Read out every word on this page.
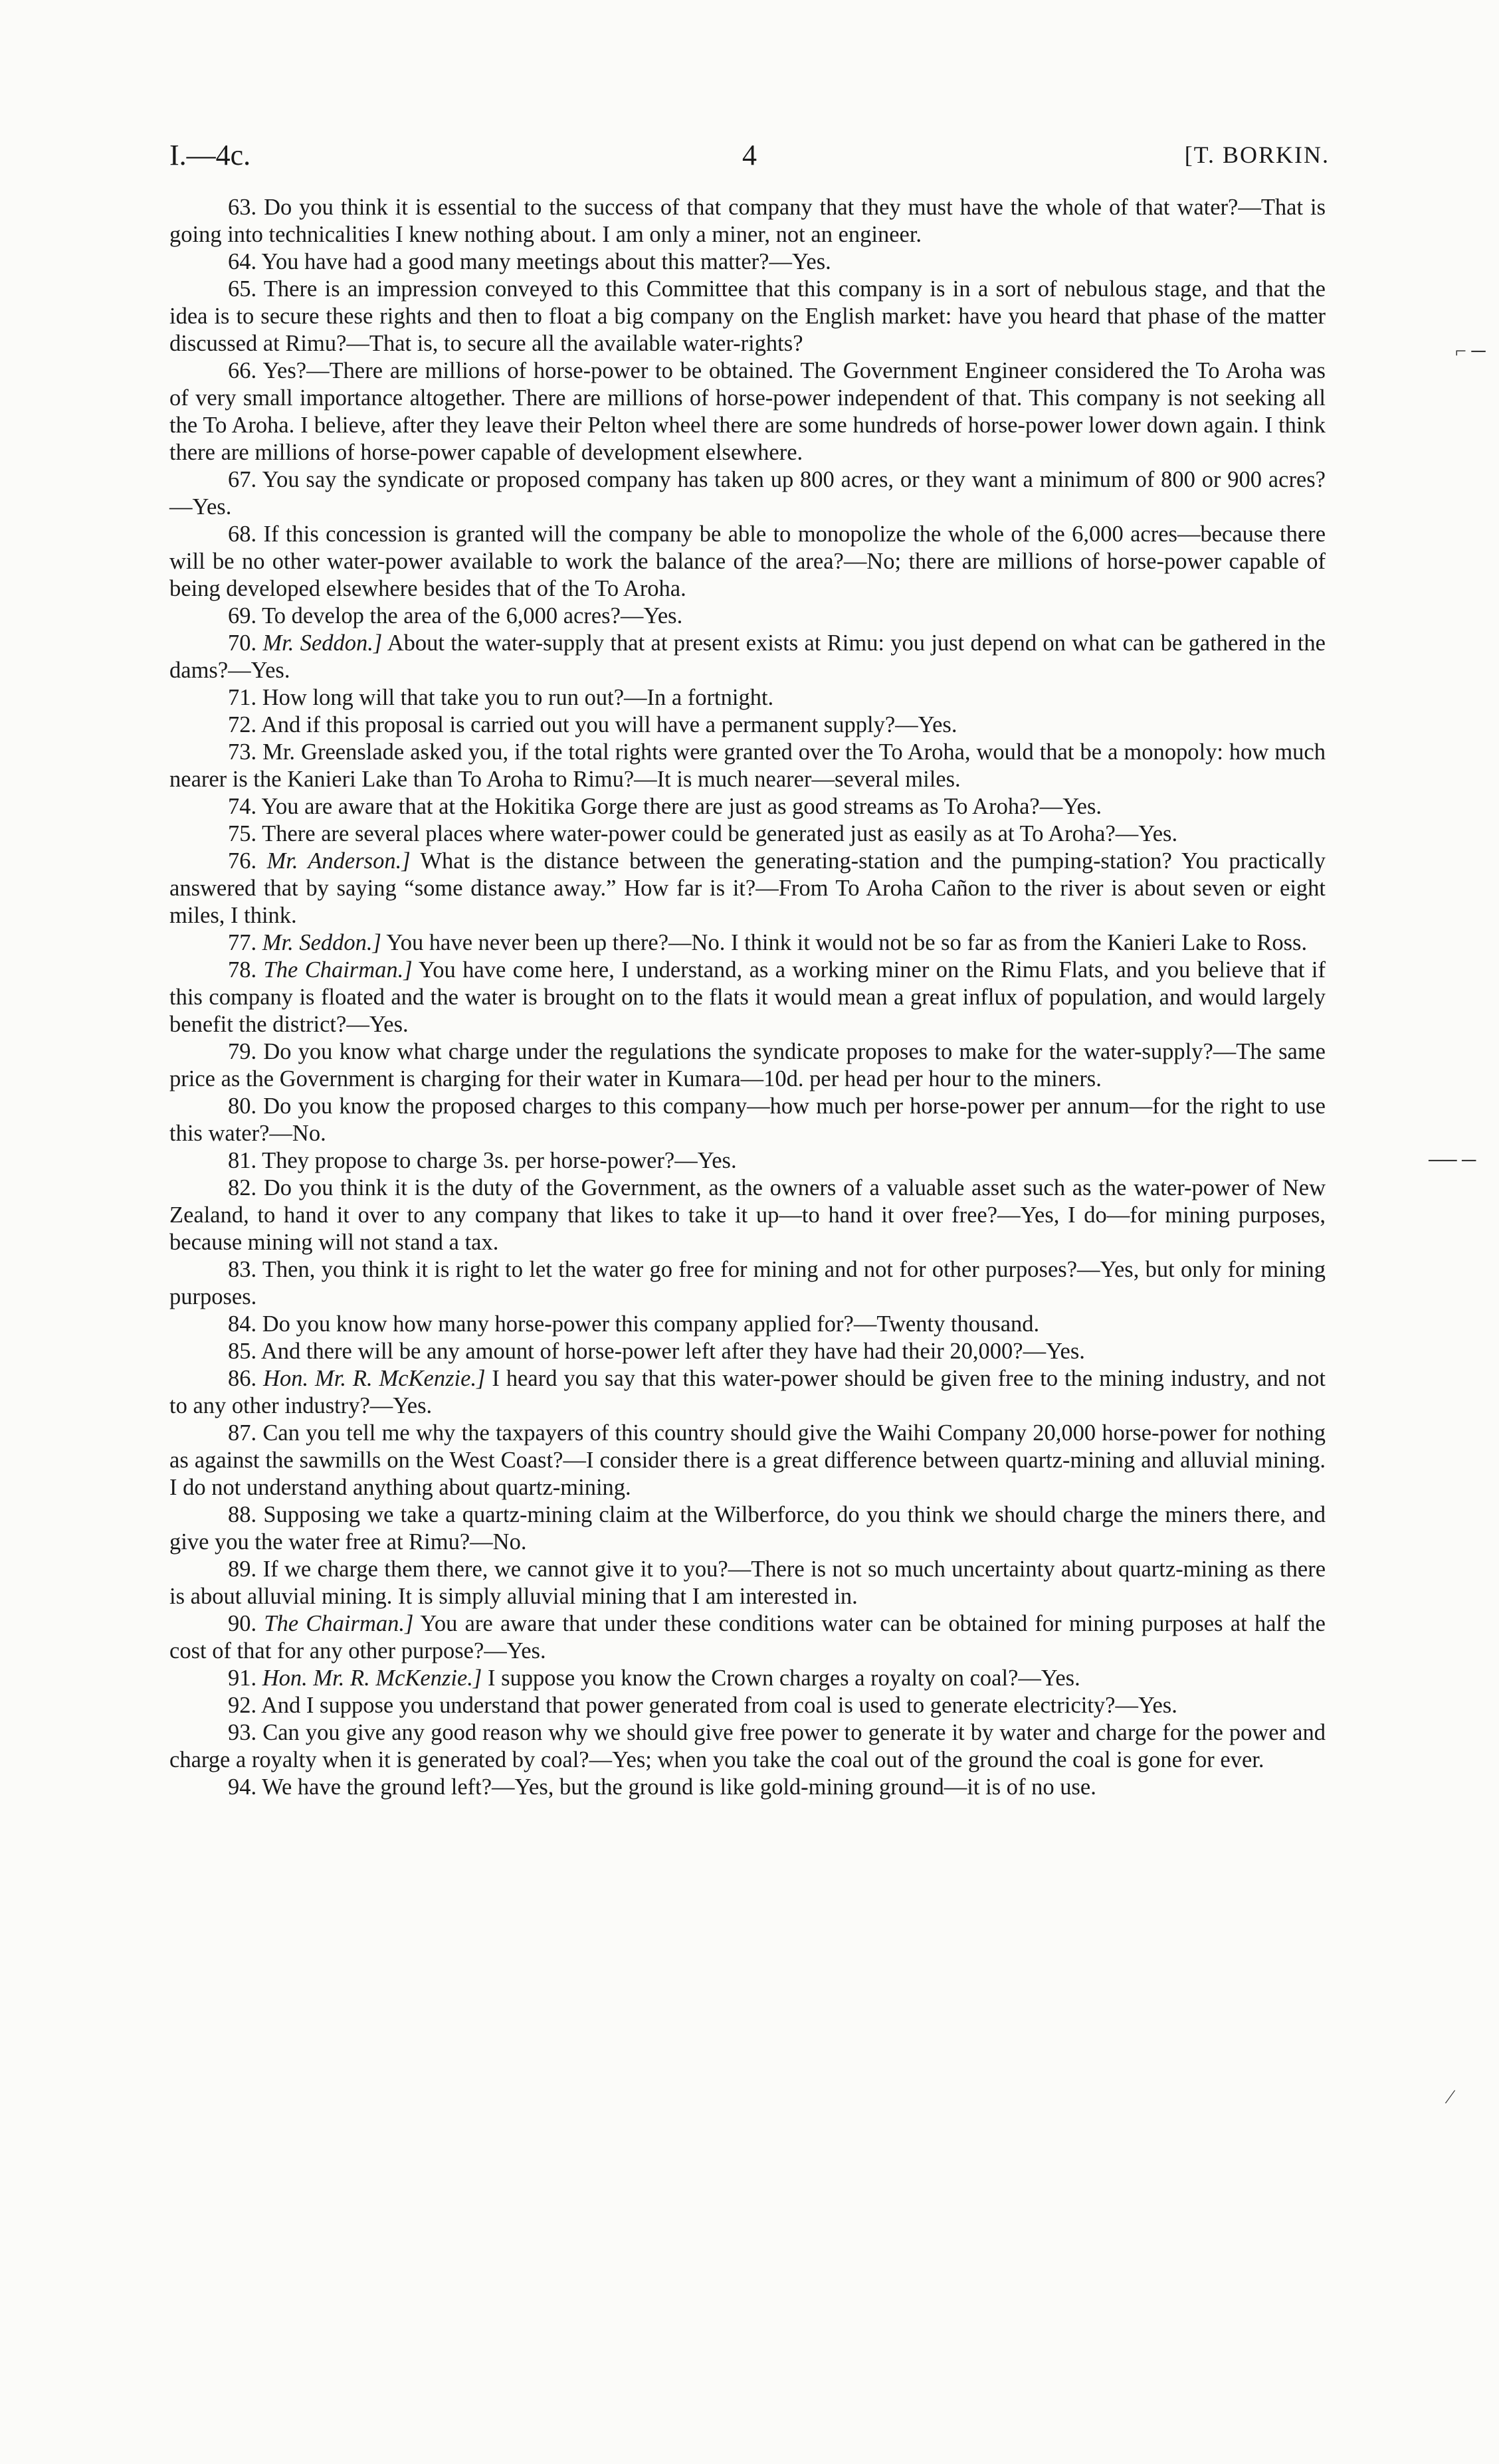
I.—4c.	4	[T. BORKIN.

63. Do you think it is essential to the success of that company that they must have the whole of that water?—That is going into technicalities I knew nothing about. I am only a miner, not an engineer.

64. You have had a good many meetings about this matter?—Yes.

65. There is an impression conveyed to this Committee that this company is in a sort of nebulous stage, and that the idea is to secure these rights and then to float a big company on the English market: have you heard that phase of the matter discussed at Rimu?—That is, to secure all the available water-rights?

66. Yes?—There are millions of horse-power to be obtained. The Government Engineer considered the To Aroha was of very small importance altogether. There are millions of horse-power independent of that. This company is not seeking all the To Aroha. I believe, after they leave their Pelton wheel there are some hundreds of horse-power lower down again. I think there are millions of horse-power capable of development elsewhere.

67. You say the syndicate or proposed company has taken up 800 acres, or they want a minimum of 800 or 900 acres?—Yes.

68. If this concession is granted will the company be able to monopolize the whole of the 6,000 acres—because there will be no other water-power available to work the balance of the area?—No; there are millions of horse-power capable of being developed elsewhere besides that of the To Aroha.

69. To develop the area of the 6,000 acres?—Yes.

70. Mr. Seddon.] About the water-supply that at present exists at Rimu: you just depend on what can be gathered in the dams?—Yes.

71. How long will that take you to run out?—In a fortnight.

72. And if this proposal is carried out you will have a permanent supply?—Yes.

73. Mr. Greenslade asked you, if the total rights were granted over the To Aroha, would that be a monopoly: how much nearer is the Kanieri Lake than To Aroha to Rimu?—It is much nearer—several miles.

74. You are aware that at the Hokitika Gorge there are just as good streams as To Aroha?—Yes.

75. There are several places where water-power could be generated just as easily as at To Aroha?—Yes.

76. Mr. Anderson.] What is the distance between the generating-station and the pumping-station? You practically answered that by saying “some distance away.” How far is it?—From To Aroha Cañon to the river is about seven or eight miles, I think.

77. Mr. Seddon.] You have never been up there?—No. I think it would not be so far as from the Kanieri Lake to Ross.

78. The Chairman.] You have come here, I understand, as a working miner on the Rimu Flats, and you believe that if this company is floated and the water is brought on to the flats it would mean a great influx of population, and would largely benefit the district?—Yes.

79. Do you know what charge under the regulations the syndicate proposes to make for the water-supply?—The same price as the Government is charging for their water in Kumara—10d. per head per hour to the miners.

80. Do you know the proposed charges to this company—how much per horse-power per annum—for the right to use this water?—No.

81. They propose to charge 3s. per horse-power?—Yes.

82. Do you think it is the duty of the Government, as the owners of a valuable asset such as the water-power of New Zealand, to hand it over to any company that likes to take it up—to hand it over free?—Yes, I do—for mining purposes, because mining will not stand a tax.

83. Then, you think it is right to let the water go free for mining and not for other purposes?—Yes, but only for mining purposes.

84. Do you know how many horse-power this company applied for?—Twenty thousand.

85. And there will be any amount of horse-power left after they have had their 20,000?—Yes.

86. Hon. Mr. R. McKenzie.] I heard you say that this water-power should be given free to the mining industry, and not to any other industry?—Yes.

87. Can you tell me why the taxpayers of this country should give the Waihi Company 20,000 horse-power for nothing as against the sawmills on the West Coast?—I consider there is a great difference between quartz-mining and alluvial mining. I do not understand anything about quartz-mining.

88. Supposing we take a quartz-mining claim at the Wilberforce, do you think we should charge the miners there, and give you the water free at Rimu?—No.

89. If we charge them there, we cannot give it to you?—There is not so much uncertainty about quartz-mining as there is about alluvial mining. It is simply alluvial mining that I am interested in.

90. The Chairman.] You are aware that under these conditions water can be obtained for mining purposes at half the cost of that for any other purpose?—Yes.

91. Hon. Mr. R. McKenzie.] I suppose you know the Crown charges a royalty on coal?—Yes.

92. And I suppose you understand that power generated from coal is used to generate electricity?—Yes.

93. Can you give any good reason why we should give free power to generate it by water and charge for the power and charge a royalty when it is generated by coal?—Yes; when you take the coal out of the ground the coal is gone for ever.

94. We have the ground left?—Yes, but the ground is like gold-mining ground—it is of no use.

⌐ ─
── ─
⁄
